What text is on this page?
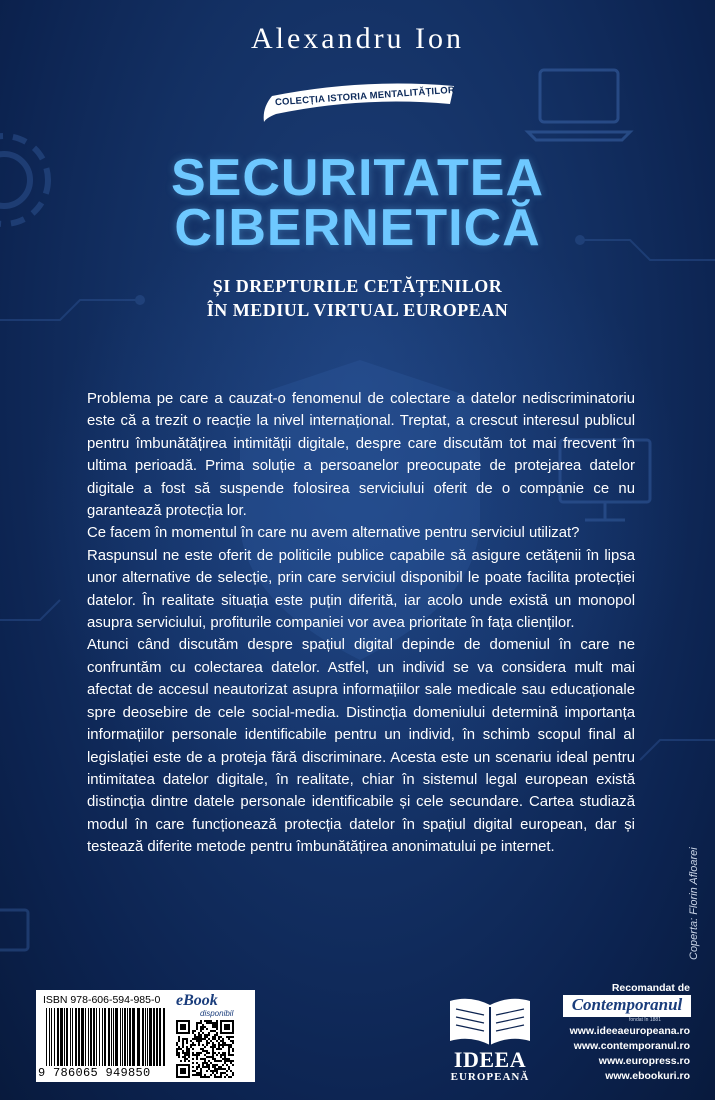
Alexandru Ion
COLECȚIA ISTORIA MENTALITĂȚILOR
SECURITATEA
CIBERNETICĂ
ȘI DREPTURILE CETĂȚENILOR
ÎN MEDIUL VIRTUAL EUROPEAN

Problema pe care a cauzat-o fenomenul de colectare a datelor nediscriminatoriu este că a trezit o reacție la nivel internațional. Treptat, a crescut interesul publicul pentru îmbunătățirea intimității digitale, despre care discutăm tot mai frecvent în ultima perioadă. Prima soluție a persoanelor preocupate de protejarea datelor digitale a fost să suspende folosirea serviciului oferit de o companie ce nu garantează protecția lor.

Ce facem în momentul în care nu avem alternative pentru serviciul utilizat?

Raspunsul ne este oferit de politicile publice capabile să asigure cetățenii în lipsa unor alternative de selecție, prin care serviciul disponibil le poate facilita protecției datelor. În realitate situația este puțin diferită, iar acolo unde există un monopol asupra serviciului, profiturile companiei vor avea prioritate în fața clienților.

Atunci când discutăm despre spațiul digital depinde de domeniul în care ne confruntăm cu colectarea datelor. Astfel, un individ se va considera mult mai afectat de accesul neautorizat asupra informațiilor sale medicale sau educaționale spre deosebire de cele social-media. Distincția domeniului determină importanța informațiilor personale identificabile pentru un individ, în schimb scopul final al legislației este de a proteja fără discriminare. Acesta este un scenariu ideal pentru intimitatea datelor digitale, în realitate, chiar în sistemul legal european există distincția dintre datele personale identificabile și cele secundare. Cartea studiază modul în care funcționează protecția datelor în spațiul digital european, dar și testează diferite metode pentru îmbunătățirea anonimatului pe internet.

Coperta: Florin Afloarei
ISBN 978-606-594-985-0
9 786065 949850
eBook
disponibil
IDEEA
EUROPEANĂ
Recomandat de
Contemporanul
fondat în 1881
www.ideeaeuropeana.ro
www.contemporanul.ro
www.europress.ro
www.ebookuri.ro
